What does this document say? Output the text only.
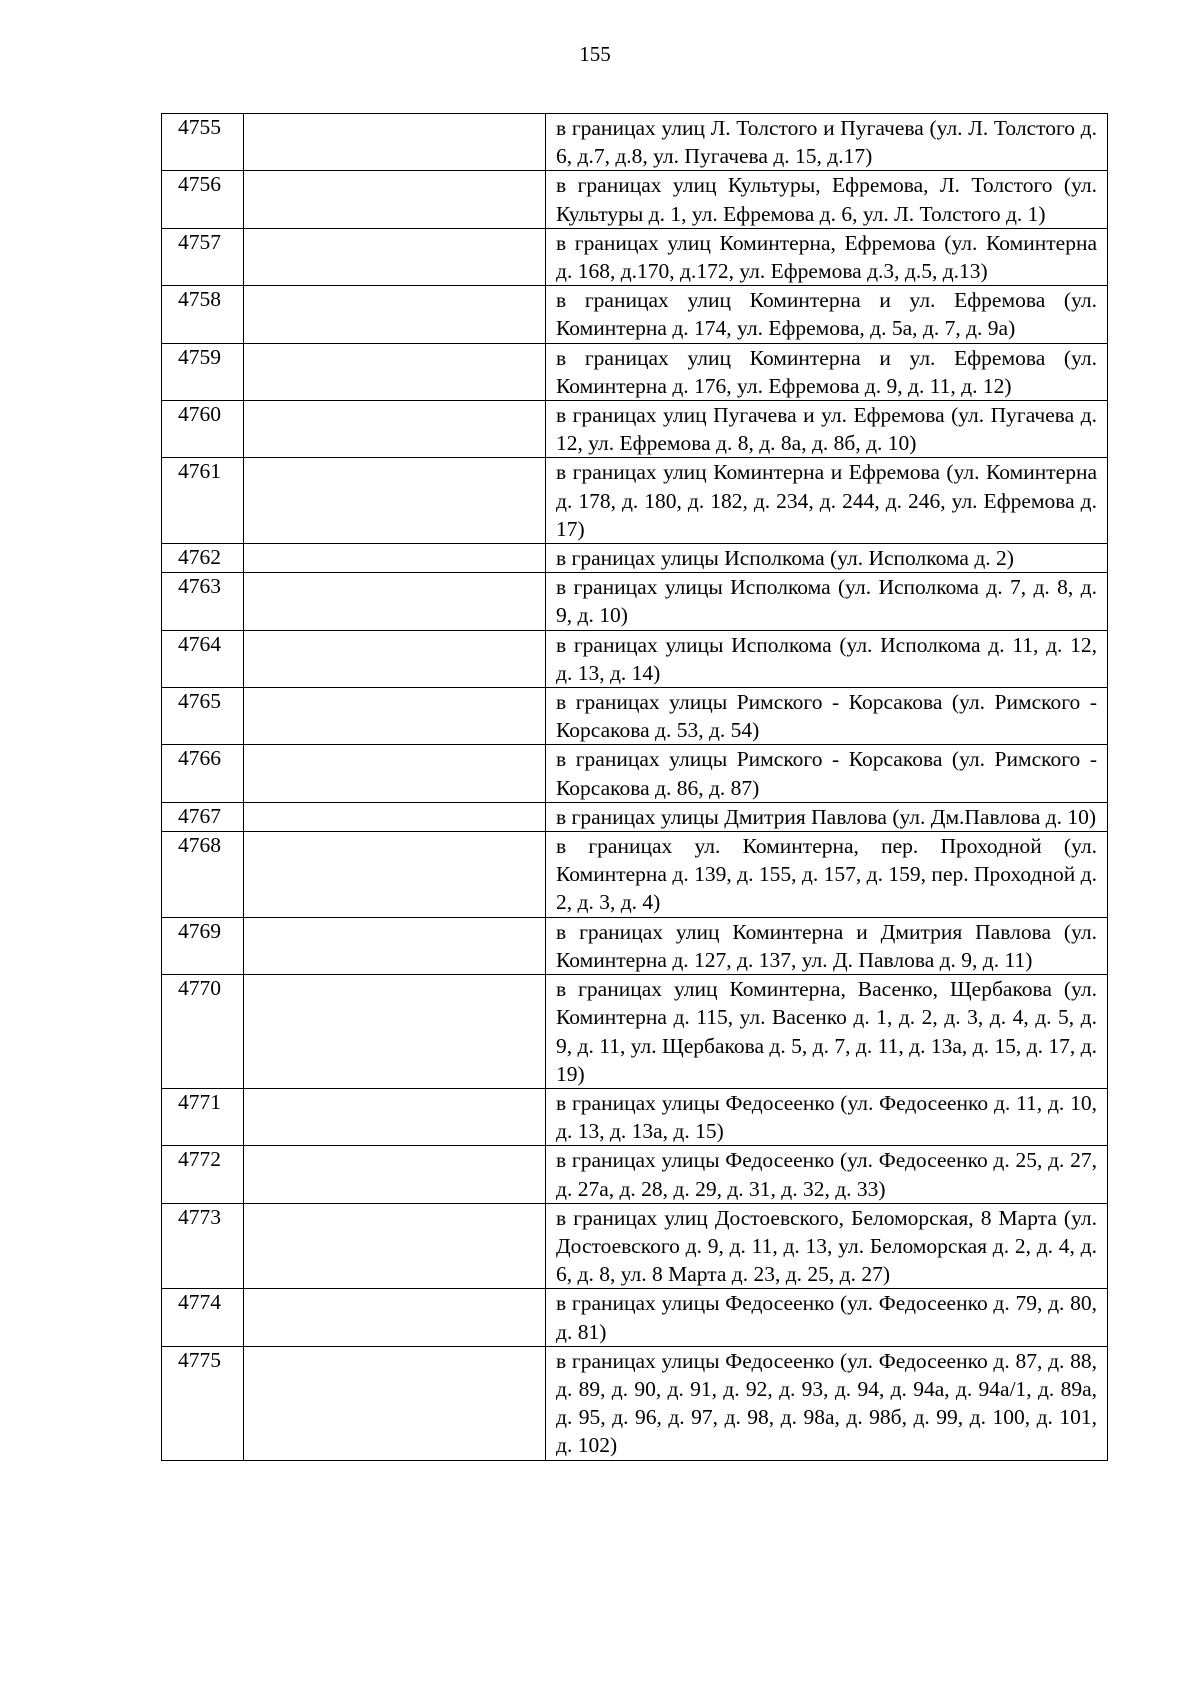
155
4755		в границах улиц Л. Толстого и Пугачева (ул. Л. Толстого д. 6, д.7, д.8, ул. Пугачева д. 15, д.17)
4756		в границах улиц Культуры, Ефремова, Л. Толстого (ул. Культуры д. 1, ул. Ефремова д. 6, ул. Л. Толстого д. 1)
4757		в границах улиц Коминтерна, Ефремова (ул. Коминтерна д. 168, д.170, д.172, ул. Ефремова д.3, д.5, д.13)
4758		в границах улиц Коминтерна и ул. Ефремова (ул. Коминтерна д. 174, ул. Ефремова, д. 5а, д. 7, д. 9а)
4759		в границах улиц Коминтерна и ул. Ефремова (ул. Коминтерна д. 176, ул. Ефремова д. 9, д. 11, д. 12)
4760		в границах улиц Пугачева и ул. Ефремова (ул. Пугачева д. 12, ул. Ефремова д. 8, д. 8а, д. 8б, д. 10)
4761		в границах улиц Коминтерна и Ефремова (ул. Коминтерна д. 178, д. 180, д. 182, д. 234, д. 244, д. 246, ул. Ефремова д. 17)
4762		в границах улицы Исполкома (ул. Исполкома д. 2)
4763		в границах улицы Исполкома (ул. Исполкома д. 7, д. 8, д. 9, д. 10)
4764		в границах улицы Исполкома (ул. Исполкома д. 11, д. 12, д. 13, д. 14)
4765		в границах улицы Римского - Корсакова (ул. Римского - Корсакова д. 53, д. 54)
4766		в границах улицы Римского - Корсакова (ул. Римского - Корсакова д. 86, д. 87)
4767		в границах улицы Дмитрия Павлова (ул. Дм.Павлова д. 10)
4768		в границах ул. Коминтерна, пер. Проходной (ул. Коминтерна д. 139, д. 155, д. 157, д. 159, пер. Проходной д. 2, д. 3, д. 4)
4769		в границах улиц Коминтерна и Дмитрия Павлова (ул. Коминтерна д. 127, д. 137, ул. Д. Павлова д. 9, д. 11)
4770		в границах улиц Коминтерна, Васенко, Щербакова (ул. Коминтерна д. 115, ул. Васенко д. 1, д. 2, д. 3, д. 4, д. 5, д. 9, д. 11, ул. Щербакова д. 5, д. 7, д. 11, д. 13а, д. 15, д. 17, д. 19)
4771		в границах улицы Федосеенко (ул. Федосеенко д. 11, д. 10, д. 13, д. 13а, д. 15)
4772		в границах улицы Федосеенко (ул. Федосеенко д. 25, д. 27, д. 27а, д. 28, д. 29, д. 31, д. 32, д. 33)
4773		в границах улиц Достоевского, Беломорская, 8 Марта (ул. Достоевского д. 9, д. 11, д. 13, ул. Беломорская д. 2, д. 4, д. 6, д. 8, ул. 8 Марта д. 23, д. 25, д. 27)
4774		в границах улицы Федосеенко (ул. Федосеенко д. 79, д. 80, д. 81)
4775		в границах улицы Федосеенко (ул. Федосеенко д. 87, д. 88, д. 89, д. 90, д. 91, д. 92, д. 93, д. 94, д. 94а, д. 94а/1, д. 89а, д. 95, д. 96, д. 97, д. 98, д. 98а, д. 98б, д. 99, д. 100, д. 101, д. 102)
